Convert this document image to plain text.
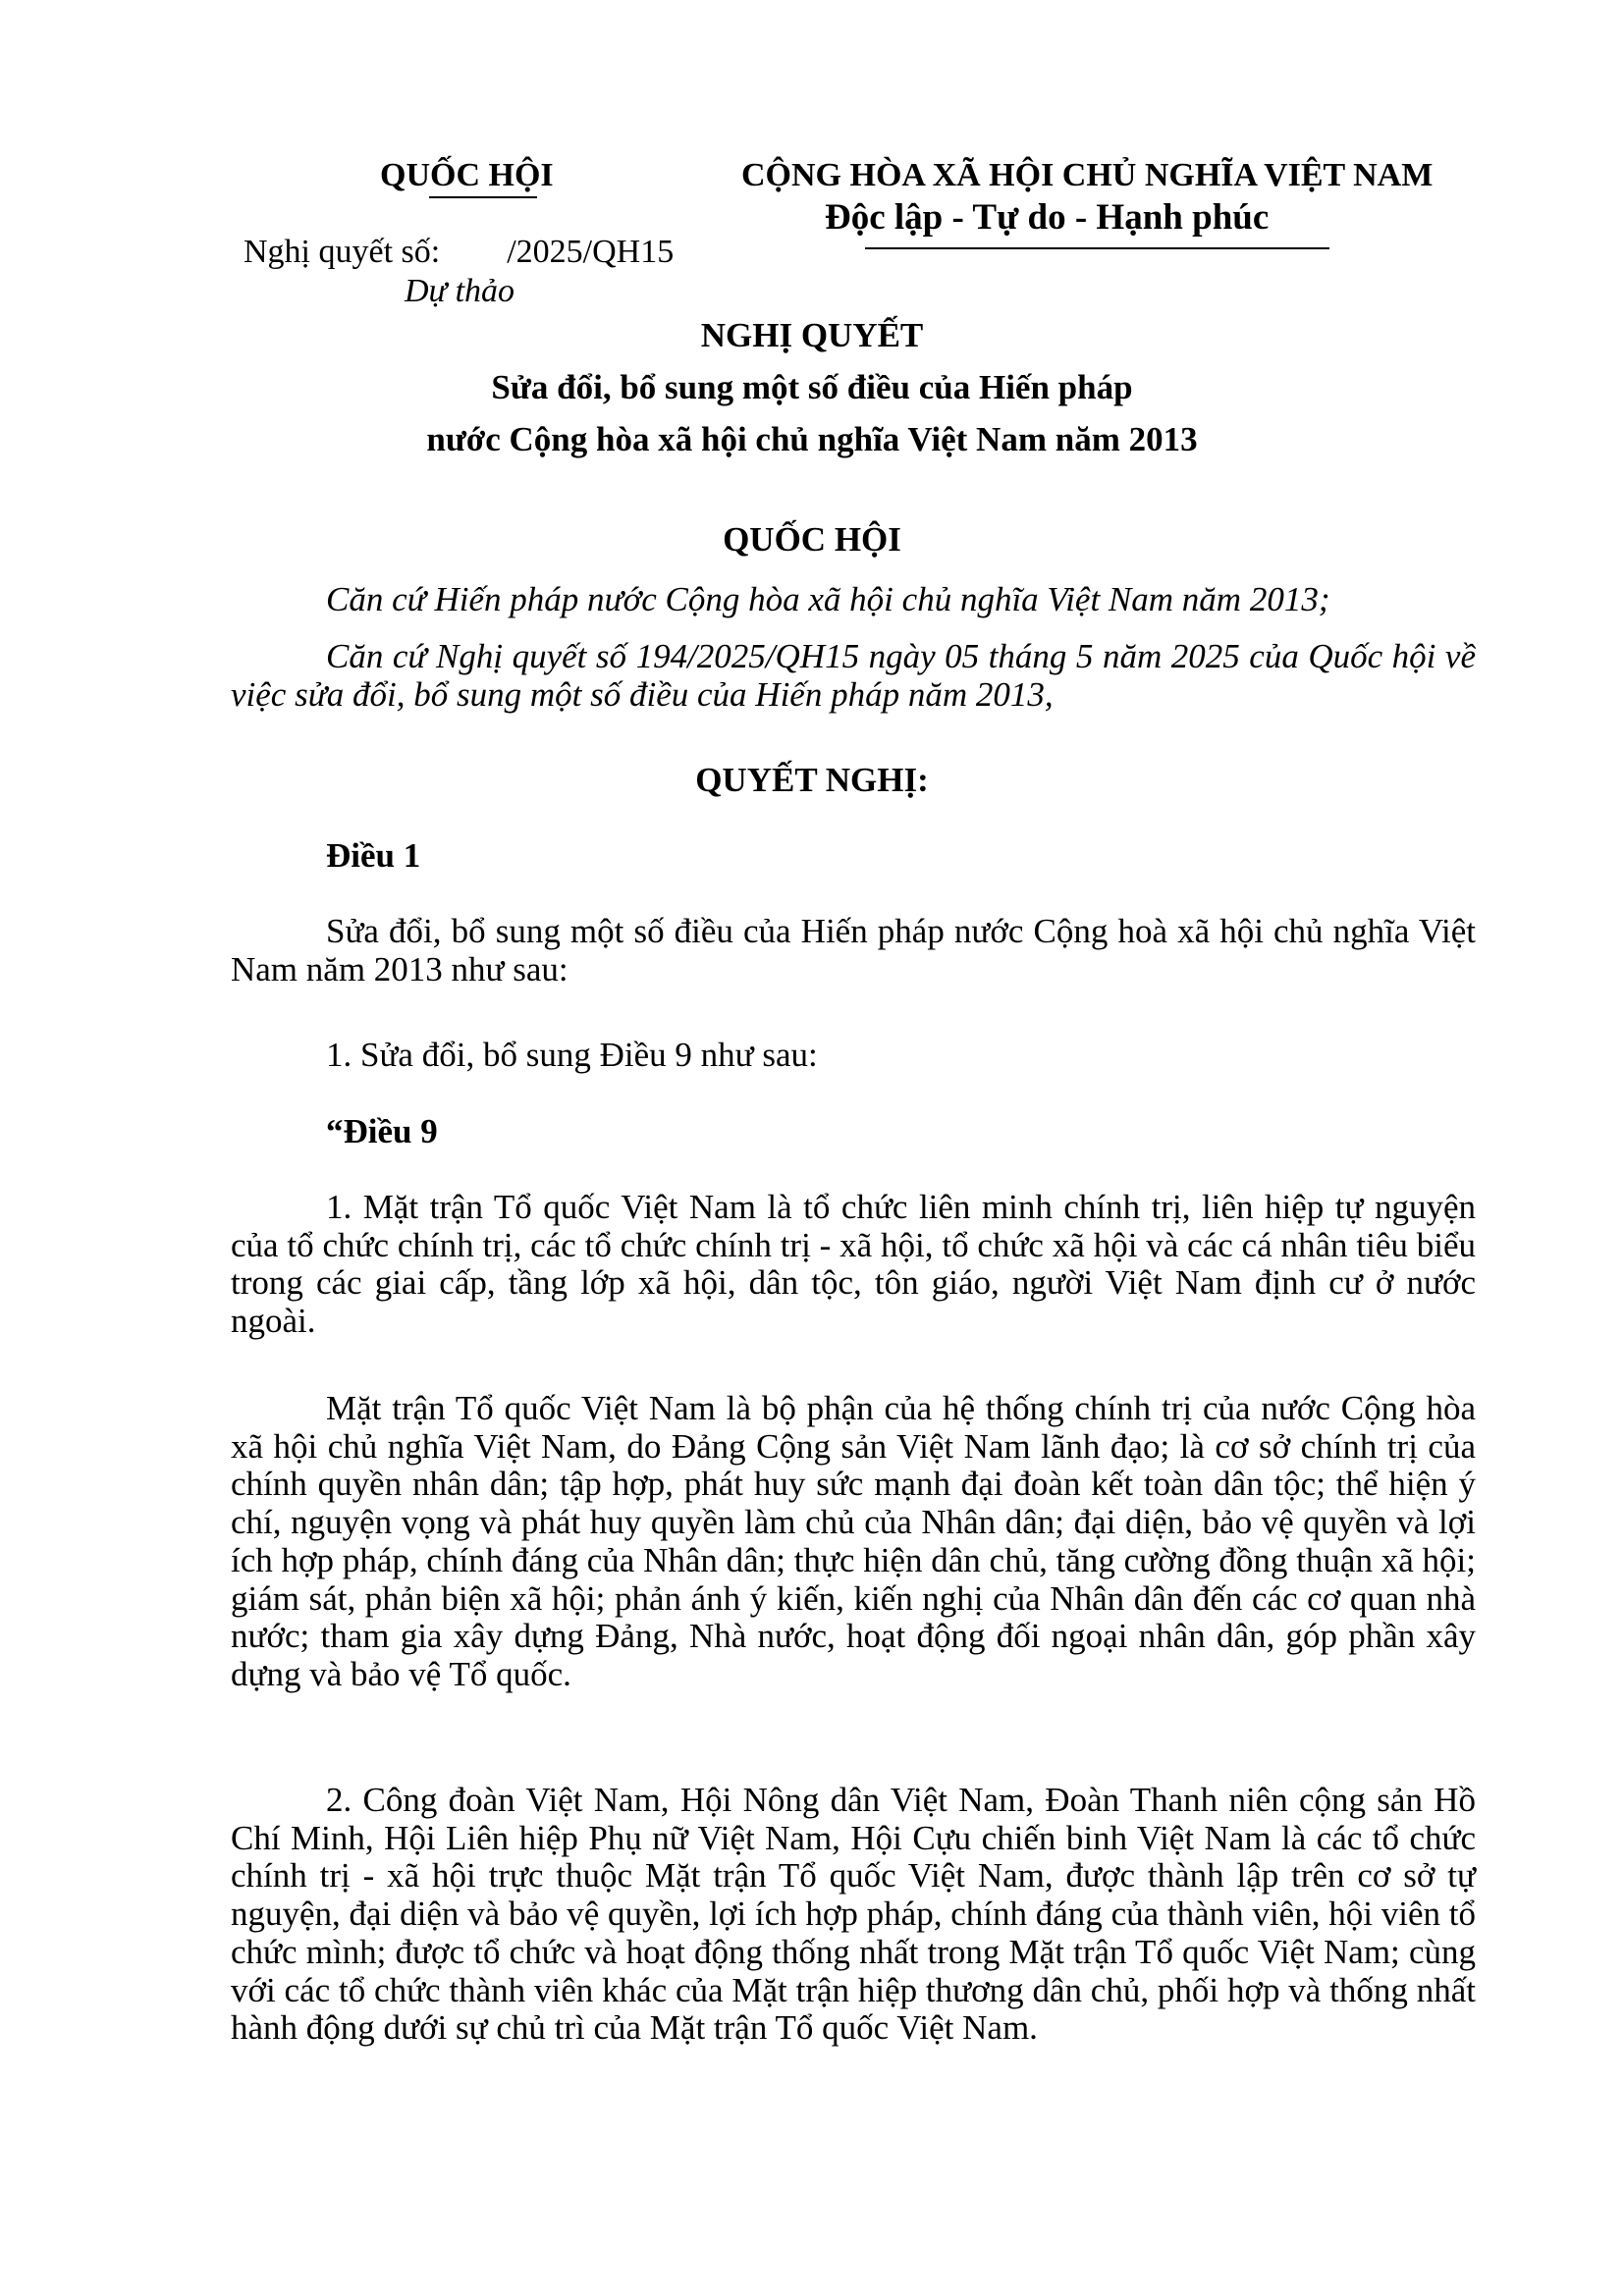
QUỐC HỘI
Nghị quyết số:        /2025/QH15
Dự thảo
CỘNG HÒA XÃ HỘI CHỦ NGHĨA VIỆT NAM
Độc lập - Tự do - Hạnh phúc
NGHỊ QUYẾT
Sửa đổi, bổ sung một số điều của Hiến pháp
nước Cộng hòa xã hội chủ nghĩa Việt Nam năm 2013
QUỐC HỘI
Căn cứ Hiến pháp nước Cộng hòa xã hội chủ nghĩa Việt Nam năm 2013;
Căn cứ Nghị quyết số 194/2025/QH15 ngày 05 tháng 5 năm 2025 của Quốc hội về việc sửa đổi, bổ sung một số điều của Hiến pháp năm 2013,
QUYẾT NGHỊ:
Điều 1
Sửa đổi, bổ sung một số điều của Hiến pháp nước Cộng hoà xã hội chủ nghĩa Việt Nam năm 2013 như sau:
1. Sửa đổi, bổ sung Điều 9 như sau:
“Điều 9
1. Mặt trận Tổ quốc Việt Nam là tổ chức liên minh chính trị, liên hiệp tự nguyện của tổ chức chính trị, các tổ chức chính trị - xã hội, tổ chức xã hội và các cá nhân tiêu biểu trong các giai cấp, tầng lớp xã hội, dân tộc, tôn giáo, người Việt Nam định cư ở nước ngoài.
Mặt trận Tổ quốc Việt Nam là bộ phận của hệ thống chính trị của nước Cộng hòa xã hội chủ nghĩa Việt Nam, do Đảng Cộng sản Việt Nam lãnh đạo; là cơ sở chính trị của chính quyền nhân dân; tập hợp, phát huy sức mạnh đại đoàn kết toàn dân tộc; thể hiện ý chí, nguyện vọng và phát huy quyền làm chủ của Nhân dân; đại diện, bảo vệ quyền và lợi ích hợp pháp, chính đáng của Nhân dân; thực hiện dân chủ, tăng cường đồng thuận xã hội; giám sát, phản biện xã hội; phản ánh ý kiến, kiến nghị của Nhân dân đến các cơ quan nhà nước; tham gia xây dựng Đảng, Nhà nước, hoạt động đối ngoại nhân dân, góp phần xây dựng và bảo vệ Tổ quốc.
2. Công đoàn Việt Nam, Hội Nông dân Việt Nam, Đoàn Thanh niên cộng sản Hồ Chí Minh, Hội Liên hiệp Phụ nữ Việt Nam, Hội Cựu chiến binh Việt Nam là các tổ chức chính trị - xã hội trực thuộc Mặt trận Tổ quốc Việt Nam, được thành lập trên cơ sở tự nguyện, đại diện và bảo vệ quyền, lợi ích hợp pháp, chính đáng của thành viên, hội viên tổ chức mình; được tổ chức và hoạt động thống nhất trong Mặt trận Tổ quốc Việt Nam; cùng với các tổ chức thành viên khác của Mặt trận hiệp thương dân chủ, phối hợp và thống nhất hành động dưới sự chủ trì của Mặt trận Tổ quốc Việt Nam.
